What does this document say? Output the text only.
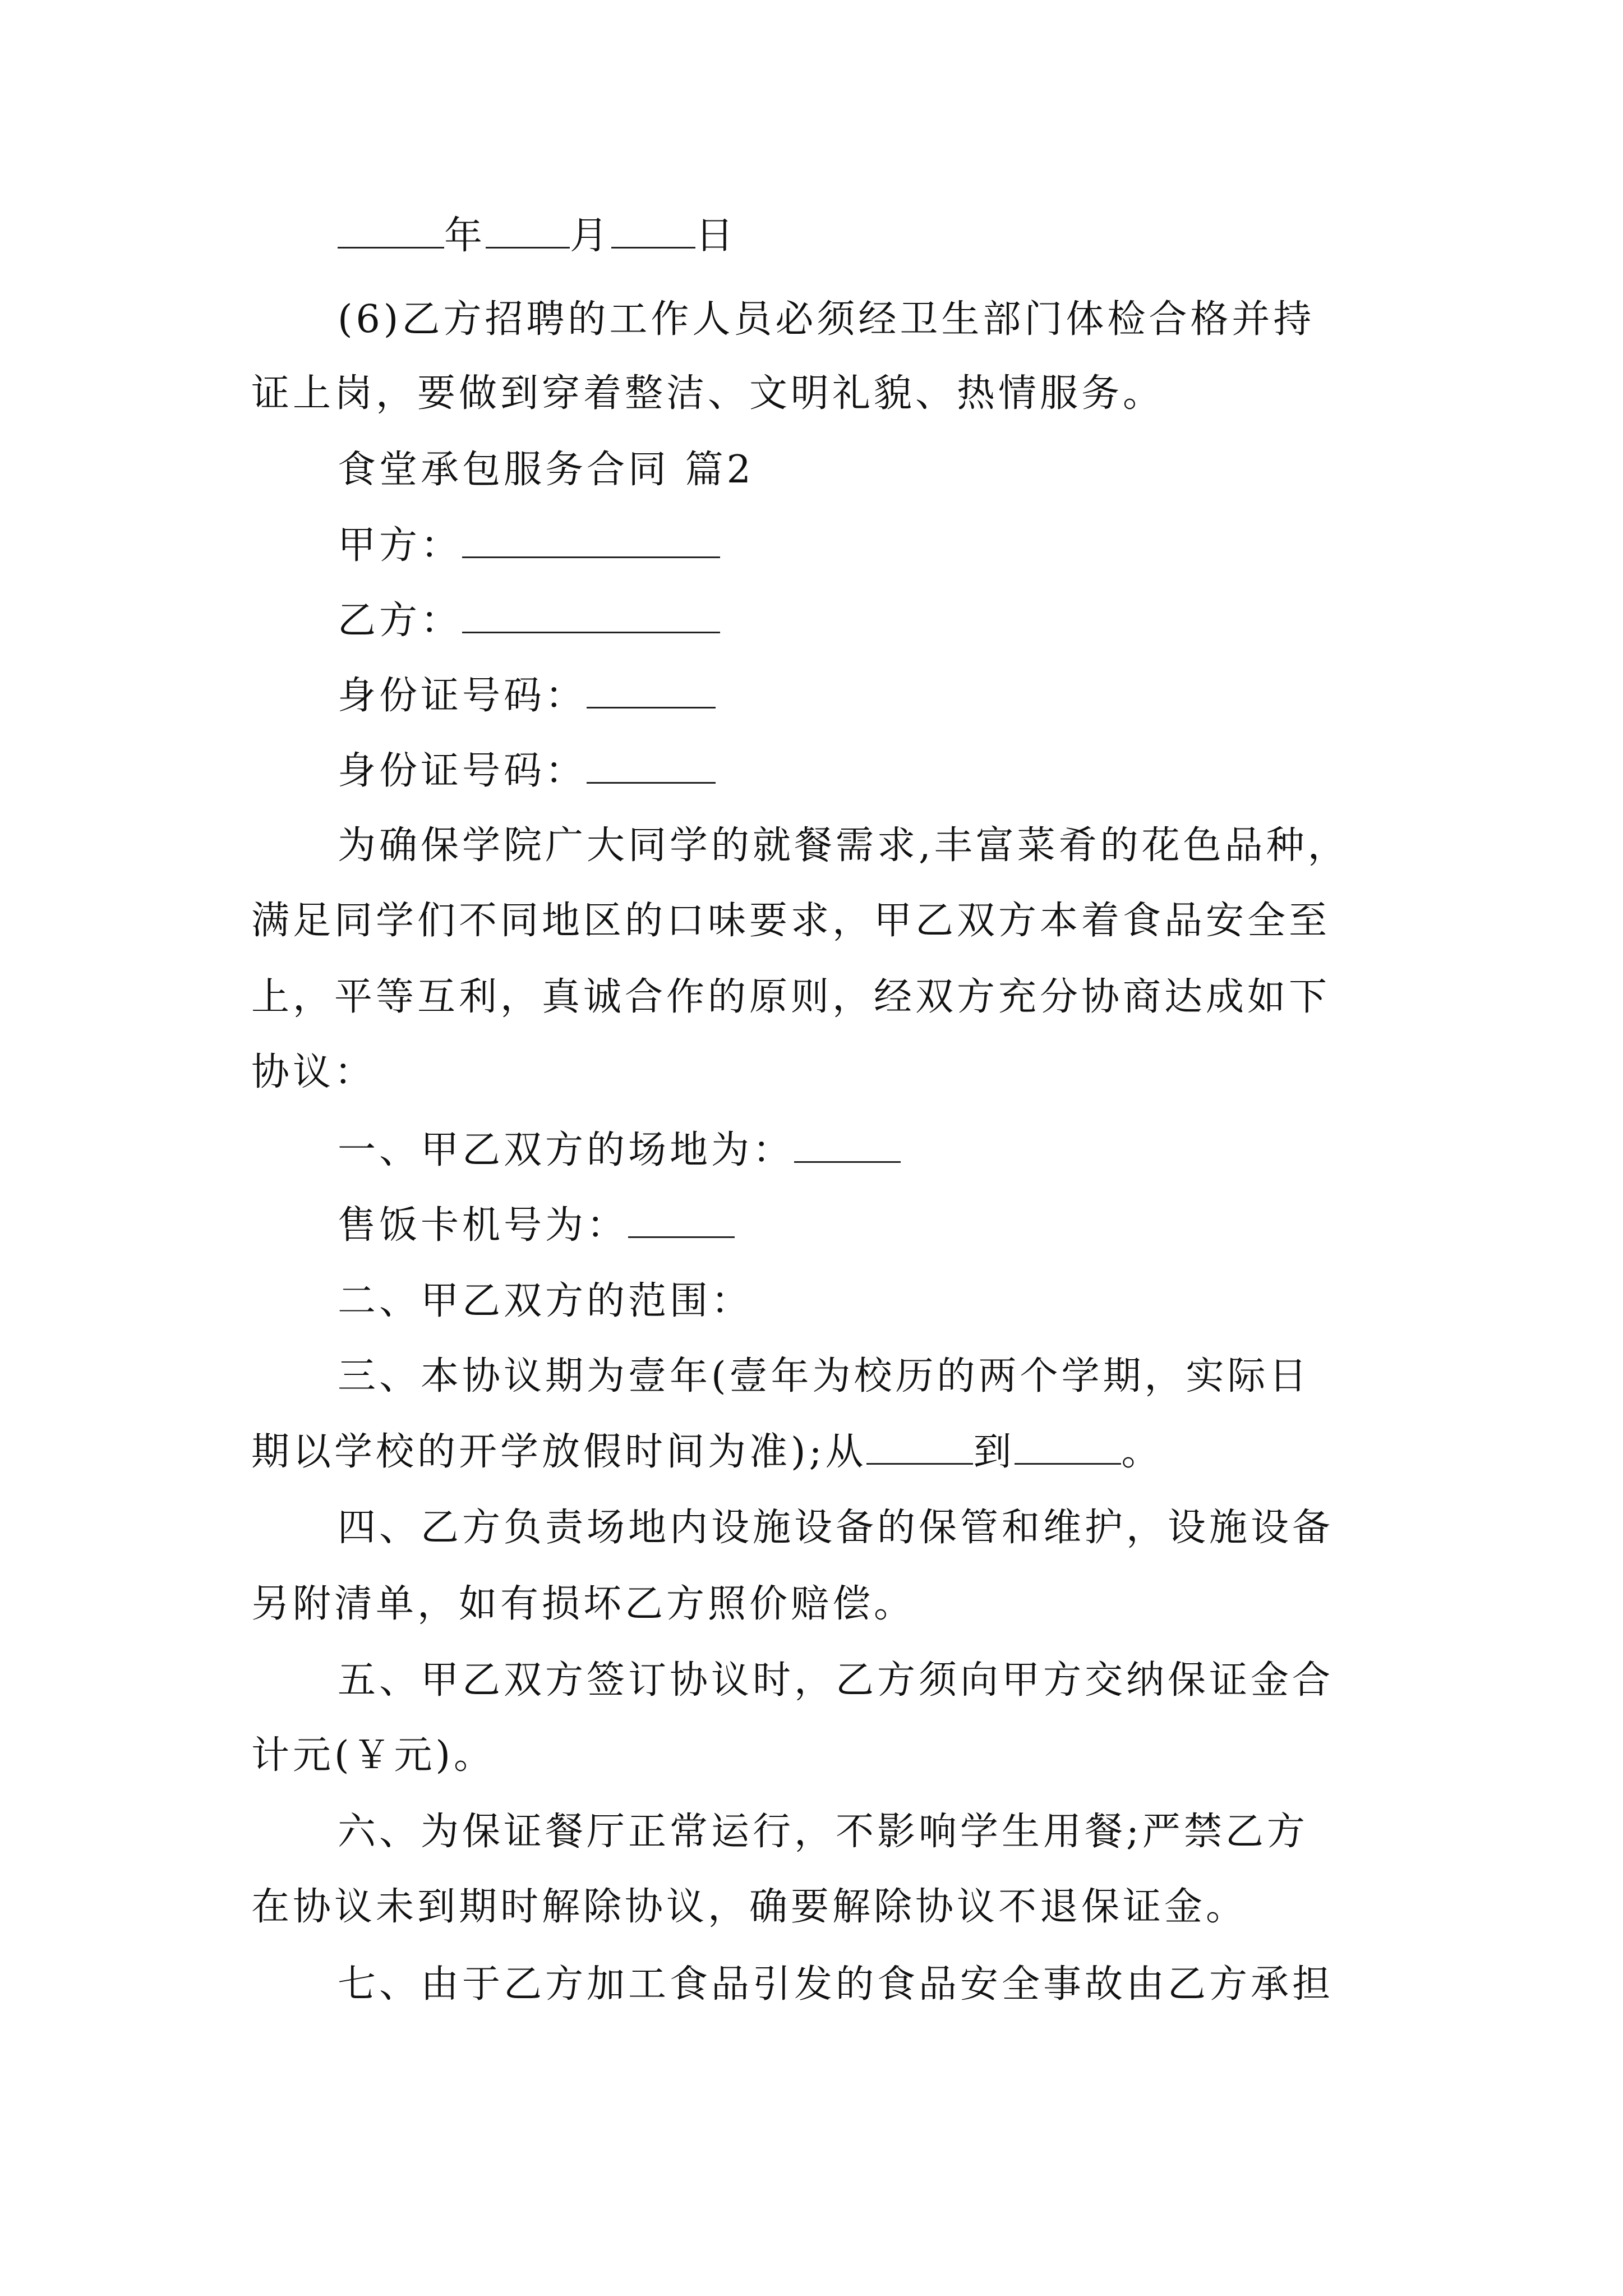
年 月 日
(6)乙方招聘的工作人员必须经卫生部门体检合格并持
证上岗，要做到穿着整洁、文明礼貌、热情服务。
食堂承包服务合同 篇2
甲方：
乙方：
身份证号码：
身份证号码：
为确保学院广大同学的就餐需求,丰富菜肴的花色品种，
满足同学们不同地区的口味要求，甲乙双方本着食品安全至
上，平等互利，真诚合作的原则，经双方充分协商达成如下
协议：
一、甲乙双方的场地为：
售饭卡机号为：
二、甲乙双方的范围：
三、本协议期为壹年(壹年为校历的两个学期，实际日
期以学校的开学放假时间为准);从	到	。
四、乙方负责场地内设施设备的保管和维护，设施设备
另附清单，如有损坏乙方照价赔偿。
五、甲乙双方签订协议时，乙方须向甲方交纳保证金合
计元(￥元)。
六、为保证餐厅正常运行，不影响学生用餐;严禁乙方
在协议未到期时解除协议，确要解除协议不退保证金。
七、由于乙方加工食品引发的食品安全事故由乙方承担
